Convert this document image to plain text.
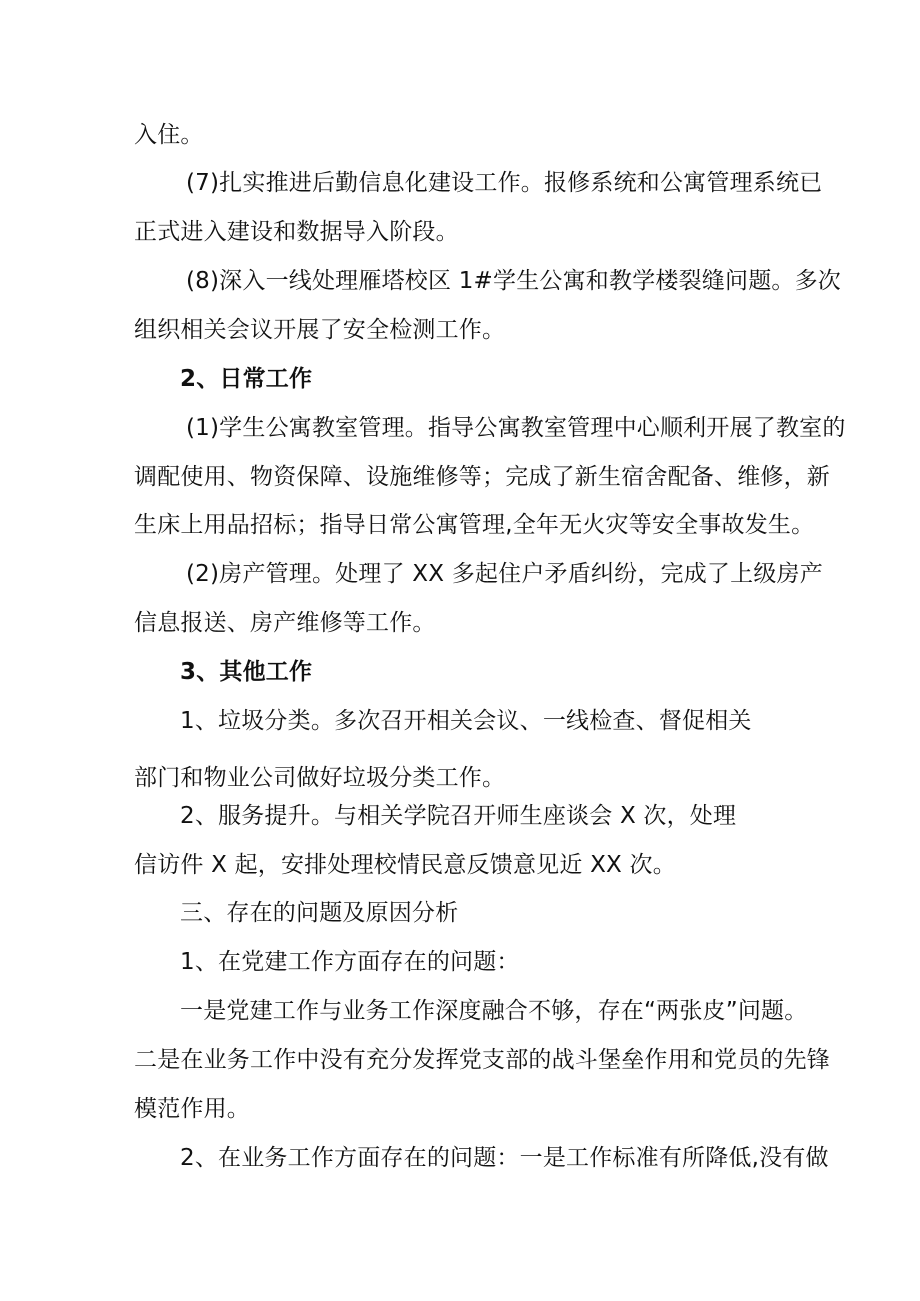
入住。
(7)扎实推进后勤信息化建设工作。报修系统和公寓管理系统已
正式进入建设和数据导入阶段。
(8)深入一线处理雁塔校区 1#学生公寓和教学楼裂缝问题。多次
组织相关会议开展了安全检测工作。
2、日常工作
(1)学生公寓教室管理。指导公寓教室管理中心顺利开展了教室的
调配使用、物资保障、设施维修等；完成了新生宿舍配备、维修，新
生床上用品招标；指导日常公寓管理,全年无火灾等安全事故发生。
(2)房产管理。处理了 XX 多起住户矛盾纠纷，完成了上级房产
信息报送、房产维修等工作。
3、其他工作
1、垃圾分类。多次召开相关会议、一线检查、督促相关
部门和物业公司做好垃圾分类工作。
2、服务提升。与相关学院召开师生座谈会 X 次，处理
信访件 X 起，安排处理校情民意反馈意见近 XX 次。
三、存在的问题及原因分析
1、在党建工作方面存在的问题：
一是党建工作与业务工作深度融合不够，存在“两张皮”问题。
二是在业务工作中没有充分发挥党支部的战斗堡垒作用和党员的先锋
模范作用。
2、在业务工作方面存在的问题：一是工作标准有所降低,没有做
